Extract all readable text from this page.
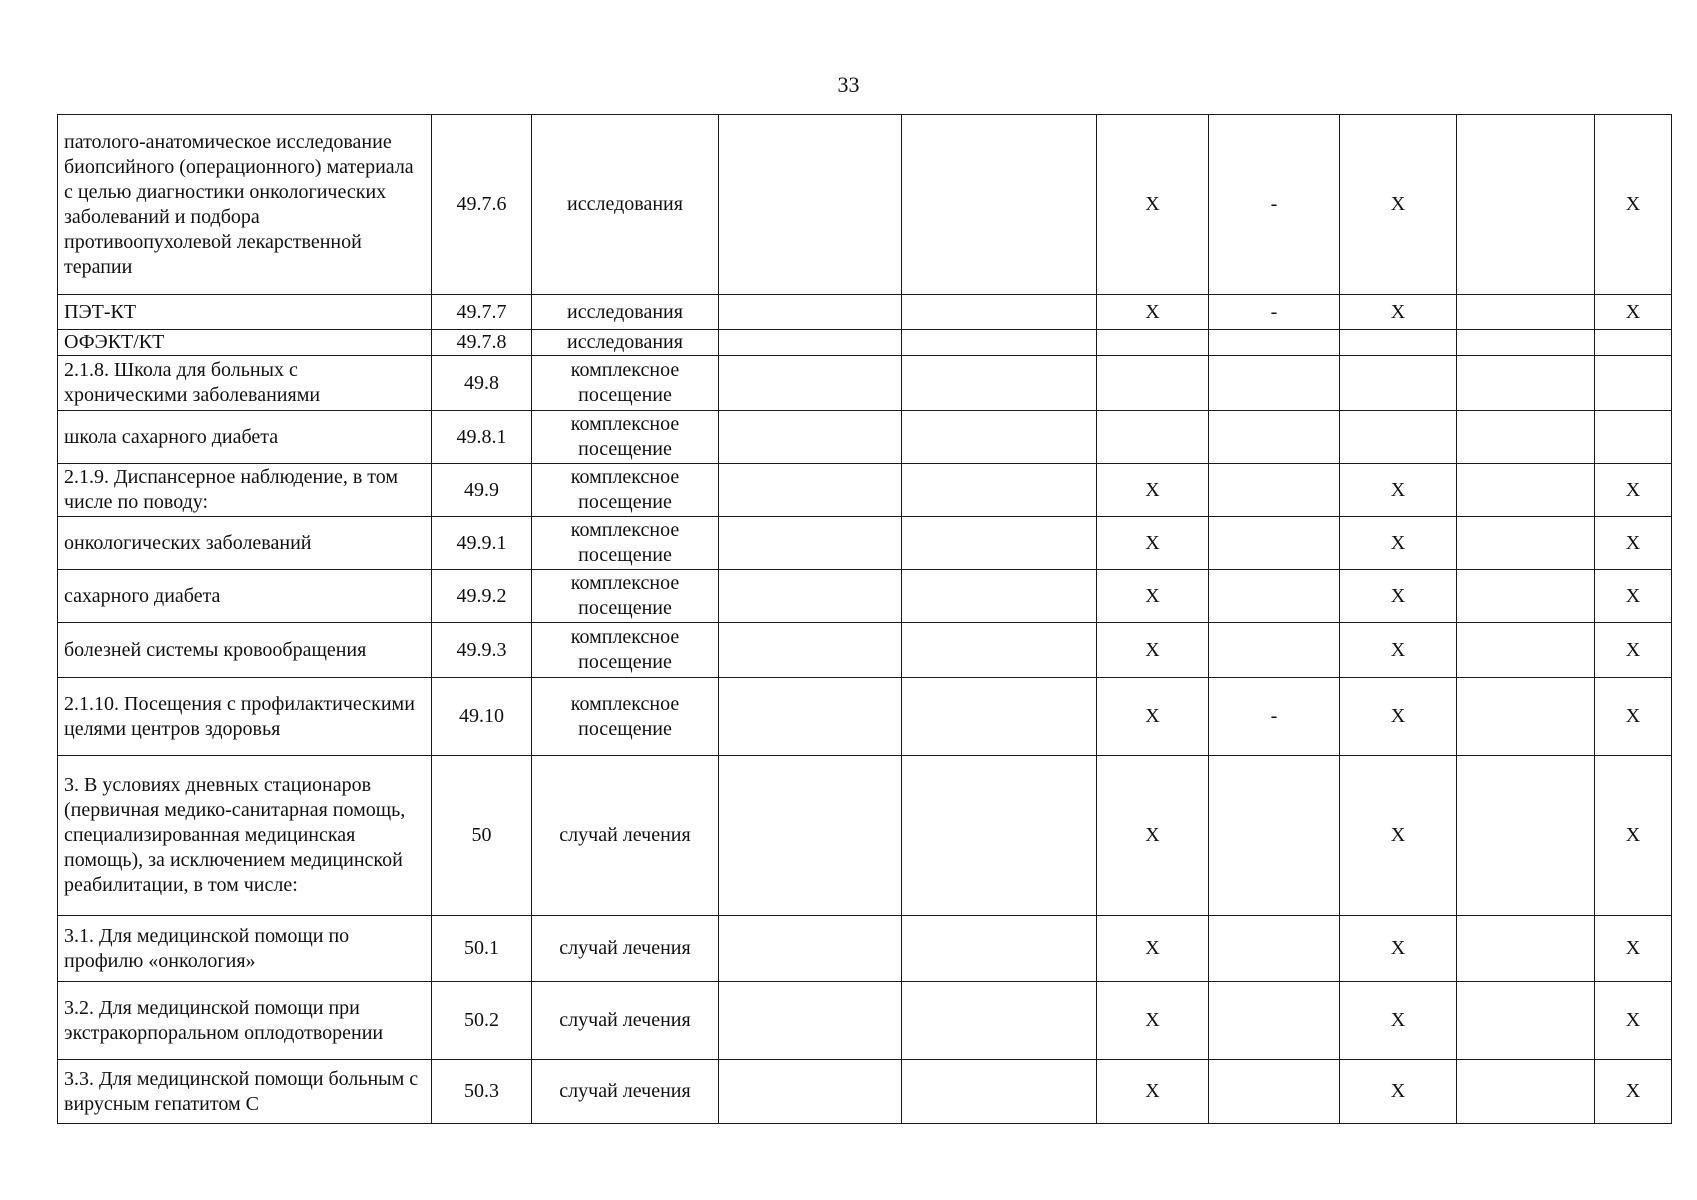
33
патолого-анатомическое исследование биопсийного (операционного) материала с целью диагностики онкологических заболеваний и подбора противоопухолевой лекарственной терапии	49.7.6	исследования			X	-	X		X
ПЭТ-КТ	49.7.7	исследования			X	-	X		X
ОФЭКТ/КТ	49.7.8	исследования							
2.1.8. Школа для больных с хроническими заболеваниями	49.8	комплексное посещение							
школа сахарного диабета	49.8.1	комплексное посещение							
2.1.9. Диспансерное наблюдение, в том числе по поводу:	49.9	комплексное посещение			X		X		X
онкологических заболеваний	49.9.1	комплексное посещение			X		X		X
сахарного диабета	49.9.2	комплексное посещение			X		X		X
болезней системы кровообращения	49.9.3	комплексное посещение			X		X		X
2.1.10. Посещения с профилактическими целями центров здоровья	49.10	комплексное посещение			X	-	X		X
3. В условиях дневных стационаров (первичная медико-санитарная помощь, специализированная медицинская помощь), за исключением медицинской реабилитации, в том числе:	50	случай лечения			X		X		X
3.1. Для медицинской помощи по профилю «онкология»	50.1	случай лечения			X		X		X
3.2. Для медицинской помощи при экстракорпоральном оплодотворении	50.2	случай лечения			X		X		X
3.3. Для медицинской помощи больным с вирусным гепатитом С	50.3	случай лечения			X		X		X
